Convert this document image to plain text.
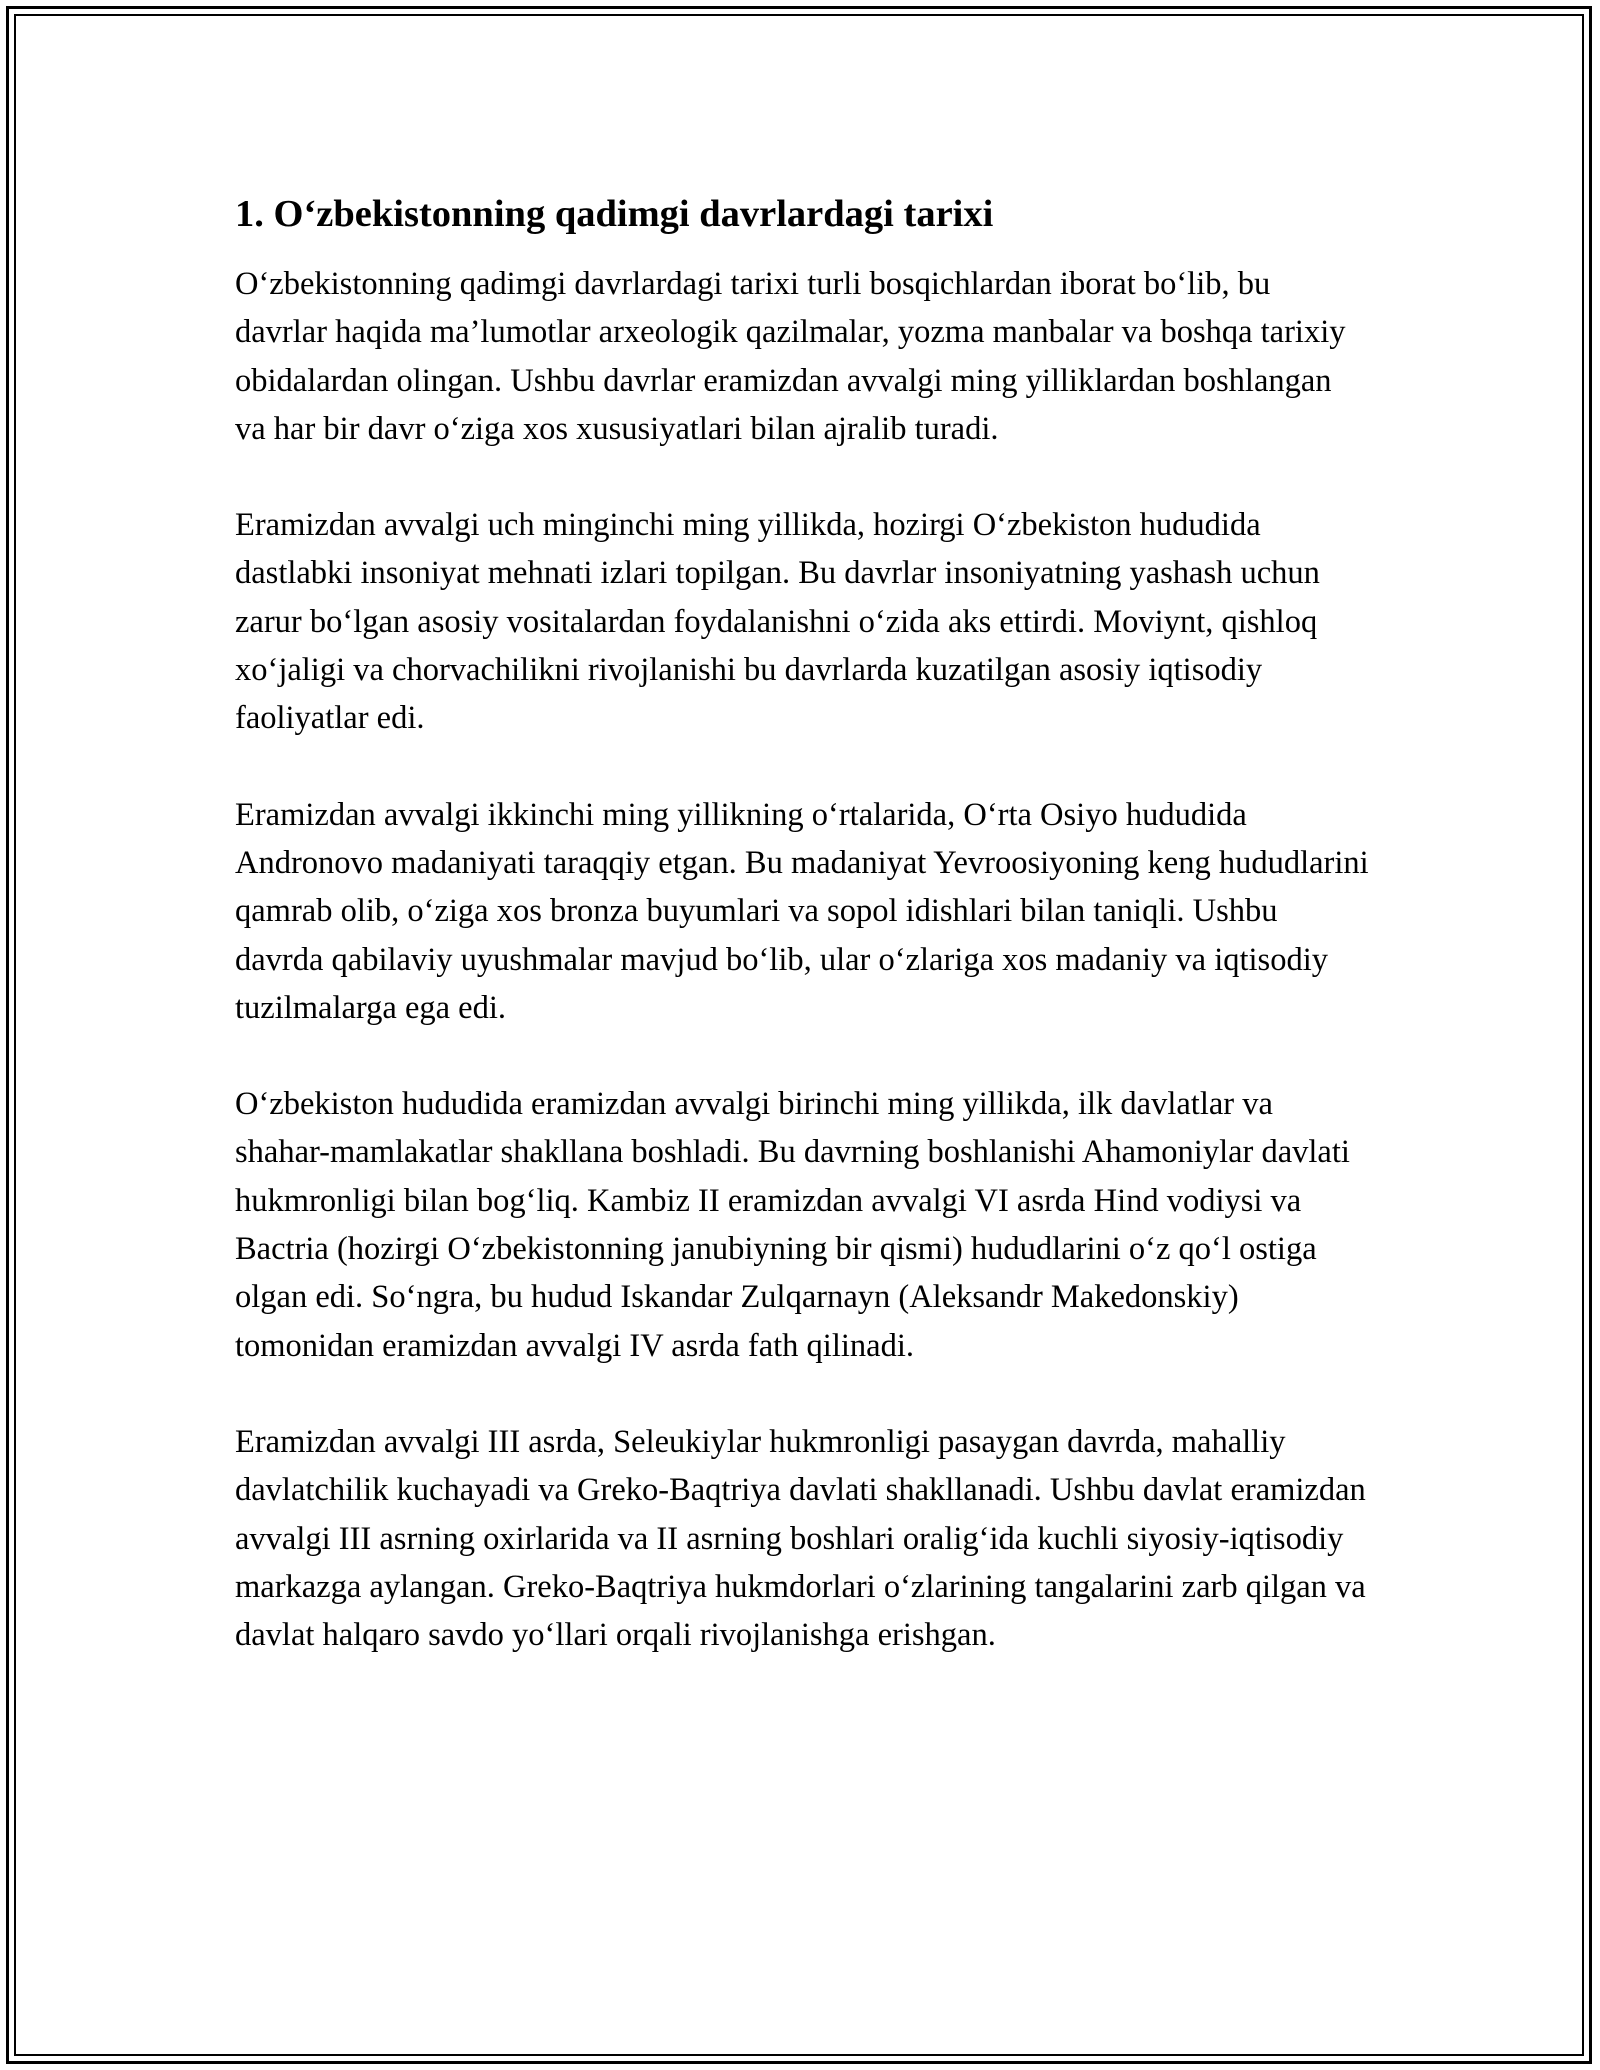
1. O‘zbekistonning qadimgi davrlardagi tarixi

O‘zbekistonning qadimgi davrlardagi tarixi turli bosqichlardan iborat bo‘lib, bu davrlar haqida ma’lumotlar arxeologik qazilmalar, yozma manbalar va boshqa tarixiy obidalardan olingan. Ushbu davrlar eramizdan avvalgi ming yilliklardan boshlangan va har bir davr o‘ziga xos xususiyatlari bilan ajralib turadi.

Eramizdan avvalgi uch minginchi ming yillikda, hozirgi O‘zbekiston hududida dastlabki insoniyat mehnati izlari topilgan. Bu davrlar insoniyatning yashash uchun zarur bo‘lgan asosiy vositalardan foydalanishni o‘zida aks ettirdi. Moviynt, qishloq xo‘jaligi va chorvachilikni rivojlanishi bu davrlarda kuzatilgan asosiy iqtisodiy faoliyatlar edi.

Eramizdan avvalgi ikkinchi ming yillikning o‘rtalarida, O‘rta Osiyo hududida Andronovo madaniyati taraqqiy etgan. Bu madaniyat Yevroosiyoning keng hududlarini qamrab olib, o‘ziga xos bronza buyumlari va sopol idishlari bilan taniqli. Ushbu davrda qabilaviy uyushmalar mavjud bo‘lib, ular o‘zlariga xos madaniy va iqtisodiy tuzilmalarga ega edi.

O‘zbekiston hududida eramizdan avvalgi birinchi ming yillikda, ilk davlatlar va shahar-mamlakatlar shakllana boshladi. Bu davrning boshlanishi Ahamoniylar davlati hukmronligi bilan bog‘liq. Kambiz II eramizdan avvalgi VI asrda Hind vodiysi va Bactria (hozirgi O‘zbekistonning janubiyning bir qismi) hududlarini o‘z qo‘l ostiga olgan edi. So‘ngra, bu hudud Iskandar Zulqarnayn (Aleksandr Makedonskiy) tomonidan eramizdan avvalgi IV asrda fath qilinadi.

Eramizdan avvalgi III asrda, Seleukiylar hukmronligi pasaygan davrda, mahalliy davlatchilik kuchayadi va Greko-Baqtriya davlati shakllanadi. Ushbu davlat eramizdan avvalgi III asrning oxirlarida va II asrning boshlari oralig‘ida kuchli siyosiy-iqtisodiy markazga aylangan. Greko-Baqtriya hukmdorlari o‘zlarining tangalarini zarb qilgan va davlat halqaro savdo yo‘llari orqali rivojlanishga erishgan.
